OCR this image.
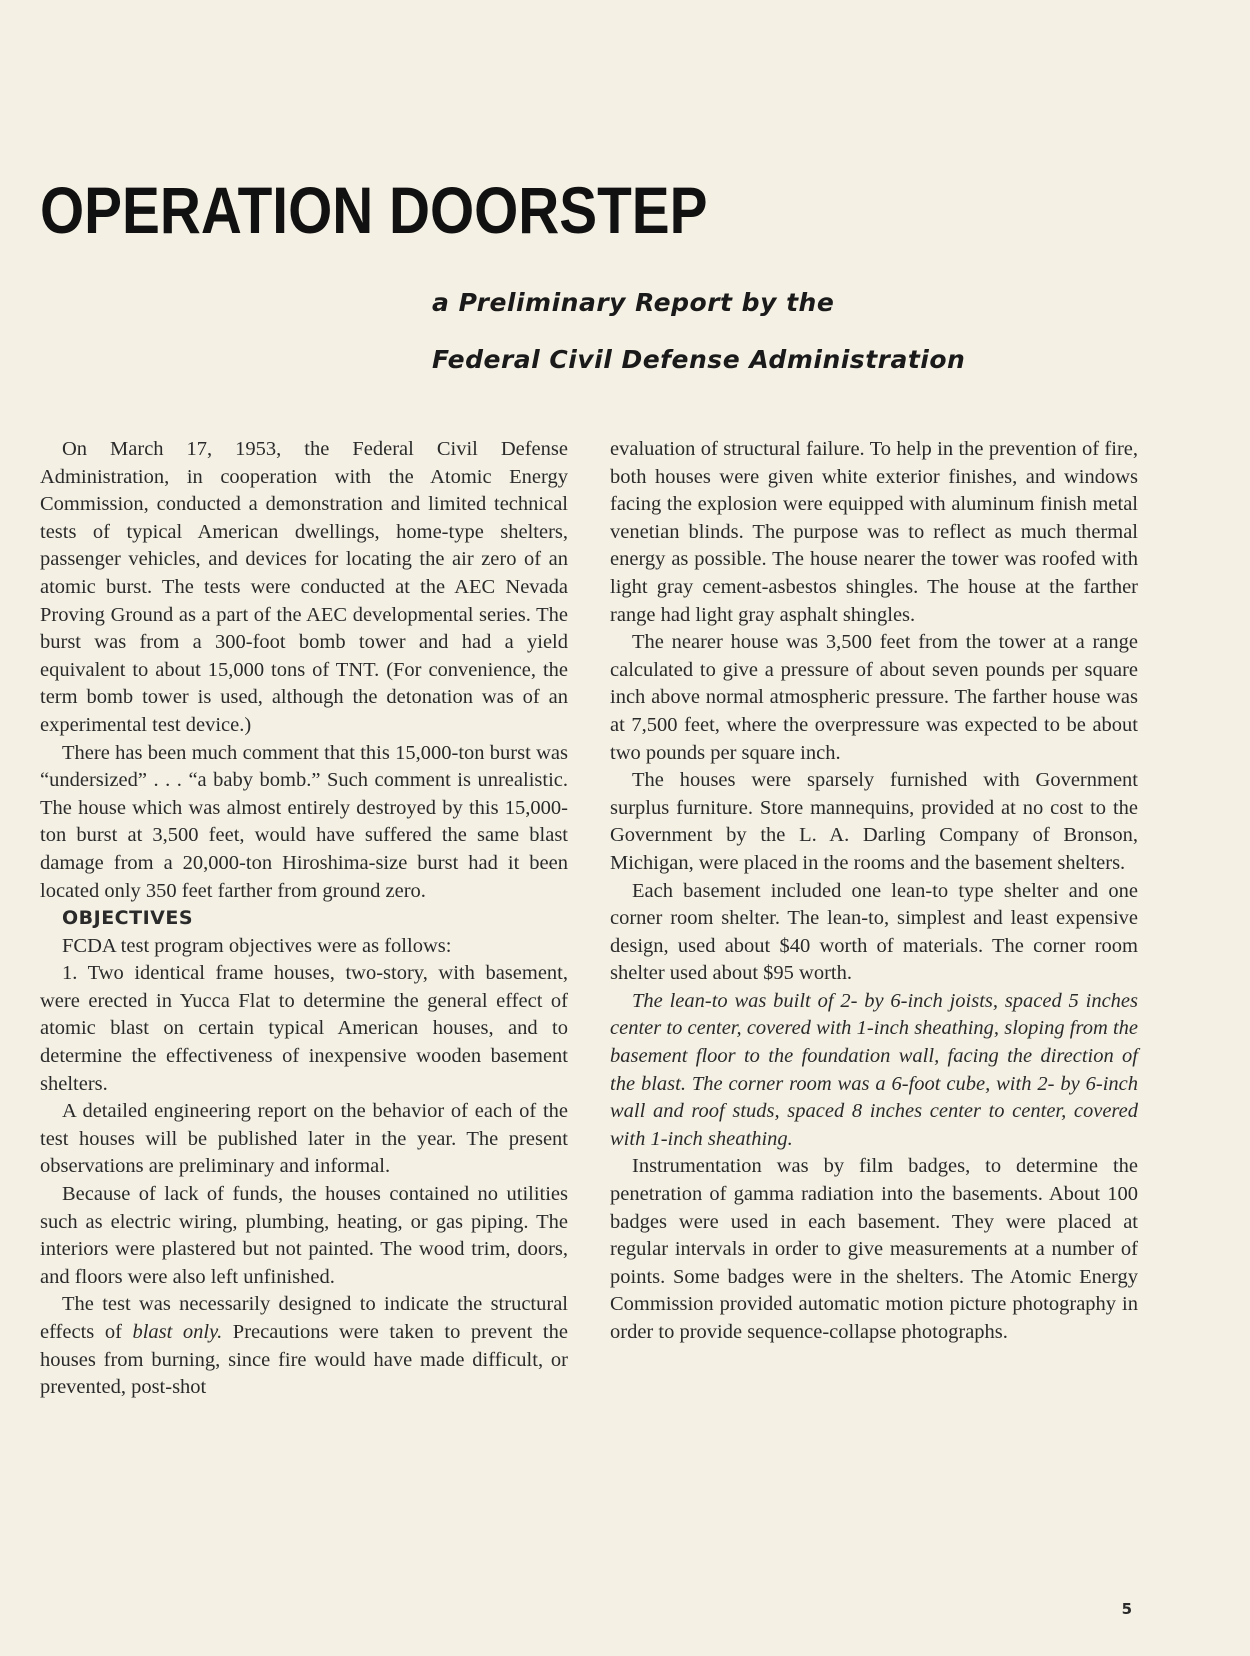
OPERATION DOORSTEP
a Preliminary Report by the
Federal Civil Defense Administration

On March 17, 1953, the Federal Civil Defense Administration, in cooperation with the Atomic Energy Commission, conducted a demonstration and limited technical tests of typical American dwellings, home-type shelters, passenger vehicles, and devices for locating the air zero of an atomic burst. The tests were conducted at the AEC Nevada Proving Ground as a part of the AEC developmental series. The burst was from a 300-foot bomb tower and had a yield equivalent to about 15,000 tons of TNT. (For convenience, the term bomb tower is used, although the detonation was of an experimental test device.)

There has been much comment that this 15,000-ton burst was “undersized” . . . “a baby bomb.” Such comment is unrealistic. The house which was almost entirely destroyed by this 15,000-ton burst at 3,500 feet, would have suffered the same blast damage from a 20,000-ton Hiroshima-size burst had it been located only 350 feet farther from ground zero.

OBJECTIVES

FCDA test program objectives were as follows:

1. Two identical frame houses, two-story, with basement, were erected in Yucca Flat to determine the general effect of atomic blast on certain typical American houses, and to determine the effectiveness of inexpensive wooden basement shelters.

A detailed engineering report on the behavior of each of the test houses will be published later in the year. The present observations are preliminary and informal.

Because of lack of funds, the houses contained no utilities such as electric wiring, plumbing, heating, or gas piping. The interiors were plastered but not painted. The wood trim, doors, and floors were also left unfinished.

The test was necessarily designed to indicate the structural effects of blast only. Precautions were taken to prevent the houses from burning, since fire would have made difficult, or prevented, post-shot

evaluation of structural failure. To help in the prevention of fire, both houses were given white exterior finishes, and windows facing the explosion were equipped with aluminum finish metal venetian blinds. The purpose was to reflect as much thermal energy as possible. The house nearer the tower was roofed with light gray cement-asbestos shingles. The house at the farther range had light gray asphalt shingles.

The nearer house was 3,500 feet from the tower at a range calculated to give a pressure of about seven pounds per square inch above normal atmospheric pressure. The farther house was at 7,500 feet, where the overpressure was expected to be about two pounds per square inch.

The houses were sparsely furnished with Government surplus furniture. Store mannequins, provided at no cost to the Government by the L. A. Darling Company of Bronson, Michigan, were placed in the rooms and the basement shelters.

Each basement included one lean-to type shelter and one corner room shelter. The lean-to, simplest and least expensive design, used about $40 worth of materials. The corner room shelter used about $95 worth.

The lean-to was built of 2- by 6-inch joists, spaced 5 inches center to center, covered with 1-inch sheathing, sloping from the basement floor to the foundation wall, facing the direction of the blast. The corner room was a 6-foot cube, with 2- by 6-inch wall and roof studs, spaced 8 inches center to center, covered with 1-inch sheathing.

Instrumentation was by film badges, to determine the penetration of gamma radiation into the basements. About 100 badges were used in each basement. They were placed at regular intervals in order to give measurements at a number of points. Some badges were in the shelters. The Atomic Energy Commission provided automatic motion picture photography in order to provide sequence-collapse photographs.

5
